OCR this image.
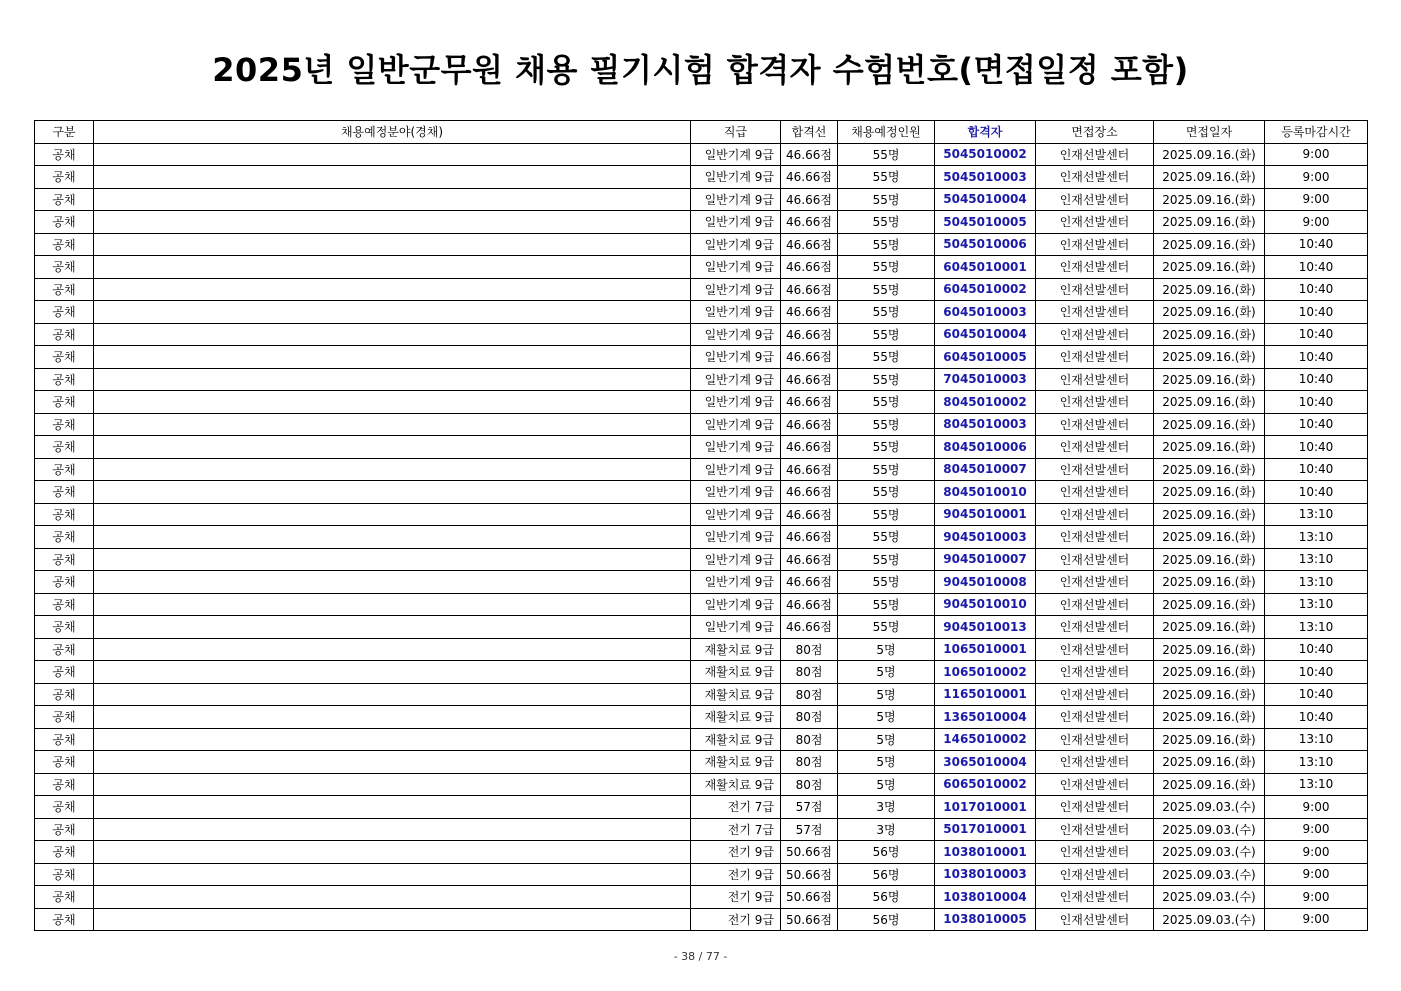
2025년 일반군무원 채용 필기시험 합격자 수험번호(면접일정 포함)
구분	채용예정분야(경채)	직급	합격선	채용예정인원	합격자	면접장소	면접일자	등록마감시간
공채		일반기계 9급	46.66점	55명	5045010002	인재선발센터	2025.09.16.(화)	9:00
공채		일반기계 9급	46.66점	55명	5045010003	인재선발센터	2025.09.16.(화)	9:00
공채		일반기계 9급	46.66점	55명	5045010004	인재선발센터	2025.09.16.(화)	9:00
공채		일반기계 9급	46.66점	55명	5045010005	인재선발센터	2025.09.16.(화)	9:00
공채		일반기계 9급	46.66점	55명	5045010006	인재선발센터	2025.09.16.(화)	10:40
공채		일반기계 9급	46.66점	55명	6045010001	인재선발센터	2025.09.16.(화)	10:40
공채		일반기계 9급	46.66점	55명	6045010002	인재선발센터	2025.09.16.(화)	10:40
공채		일반기계 9급	46.66점	55명	6045010003	인재선발센터	2025.09.16.(화)	10:40
공채		일반기계 9급	46.66점	55명	6045010004	인재선발센터	2025.09.16.(화)	10:40
공채		일반기계 9급	46.66점	55명	6045010005	인재선발센터	2025.09.16.(화)	10:40
공채		일반기계 9급	46.66점	55명	7045010003	인재선발센터	2025.09.16.(화)	10:40
공채		일반기계 9급	46.66점	55명	8045010002	인재선발센터	2025.09.16.(화)	10:40
공채		일반기계 9급	46.66점	55명	8045010003	인재선발센터	2025.09.16.(화)	10:40
공채		일반기계 9급	46.66점	55명	8045010006	인재선발센터	2025.09.16.(화)	10:40
공채		일반기계 9급	46.66점	55명	8045010007	인재선발센터	2025.09.16.(화)	10:40
공채		일반기계 9급	46.66점	55명	8045010010	인재선발센터	2025.09.16.(화)	10:40
공채		일반기계 9급	46.66점	55명	9045010001	인재선발센터	2025.09.16.(화)	13:10
공채		일반기계 9급	46.66점	55명	9045010003	인재선발센터	2025.09.16.(화)	13:10
공채		일반기계 9급	46.66점	55명	9045010007	인재선발센터	2025.09.16.(화)	13:10
공채		일반기계 9급	46.66점	55명	9045010008	인재선발센터	2025.09.16.(화)	13:10
공채		일반기계 9급	46.66점	55명	9045010010	인재선발센터	2025.09.16.(화)	13:10
공채		일반기계 9급	46.66점	55명	9045010013	인재선발센터	2025.09.16.(화)	13:10
공채		재활치료 9급	80점	5명	1065010001	인재선발센터	2025.09.16.(화)	10:40
공채		재활치료 9급	80점	5명	1065010002	인재선발센터	2025.09.16.(화)	10:40
공채		재활치료 9급	80점	5명	1165010001	인재선발센터	2025.09.16.(화)	10:40
공채		재활치료 9급	80점	5명	1365010004	인재선발센터	2025.09.16.(화)	10:40
공채		재활치료 9급	80점	5명	1465010002	인재선발센터	2025.09.16.(화)	13:10
공채		재활치료 9급	80점	5명	3065010004	인재선발센터	2025.09.16.(화)	13:10
공채		재활치료 9급	80점	5명	6065010002	인재선발센터	2025.09.16.(화)	13:10
공채		전기 7급	57점	3명	1017010001	인재선발센터	2025.09.03.(수)	9:00
공채		전기 7급	57점	3명	5017010001	인재선발센터	2025.09.03.(수)	9:00
공채		전기 9급	50.66점	56명	1038010001	인재선발센터	2025.09.03.(수)	9:00
공채		전기 9급	50.66점	56명	1038010003	인재선발센터	2025.09.03.(수)	9:00
공채		전기 9급	50.66점	56명	1038010004	인재선발센터	2025.09.03.(수)	9:00
공채		전기 9급	50.66점	56명	1038010005	인재선발센터	2025.09.03.(수)	9:00
- 38 / 77 -
